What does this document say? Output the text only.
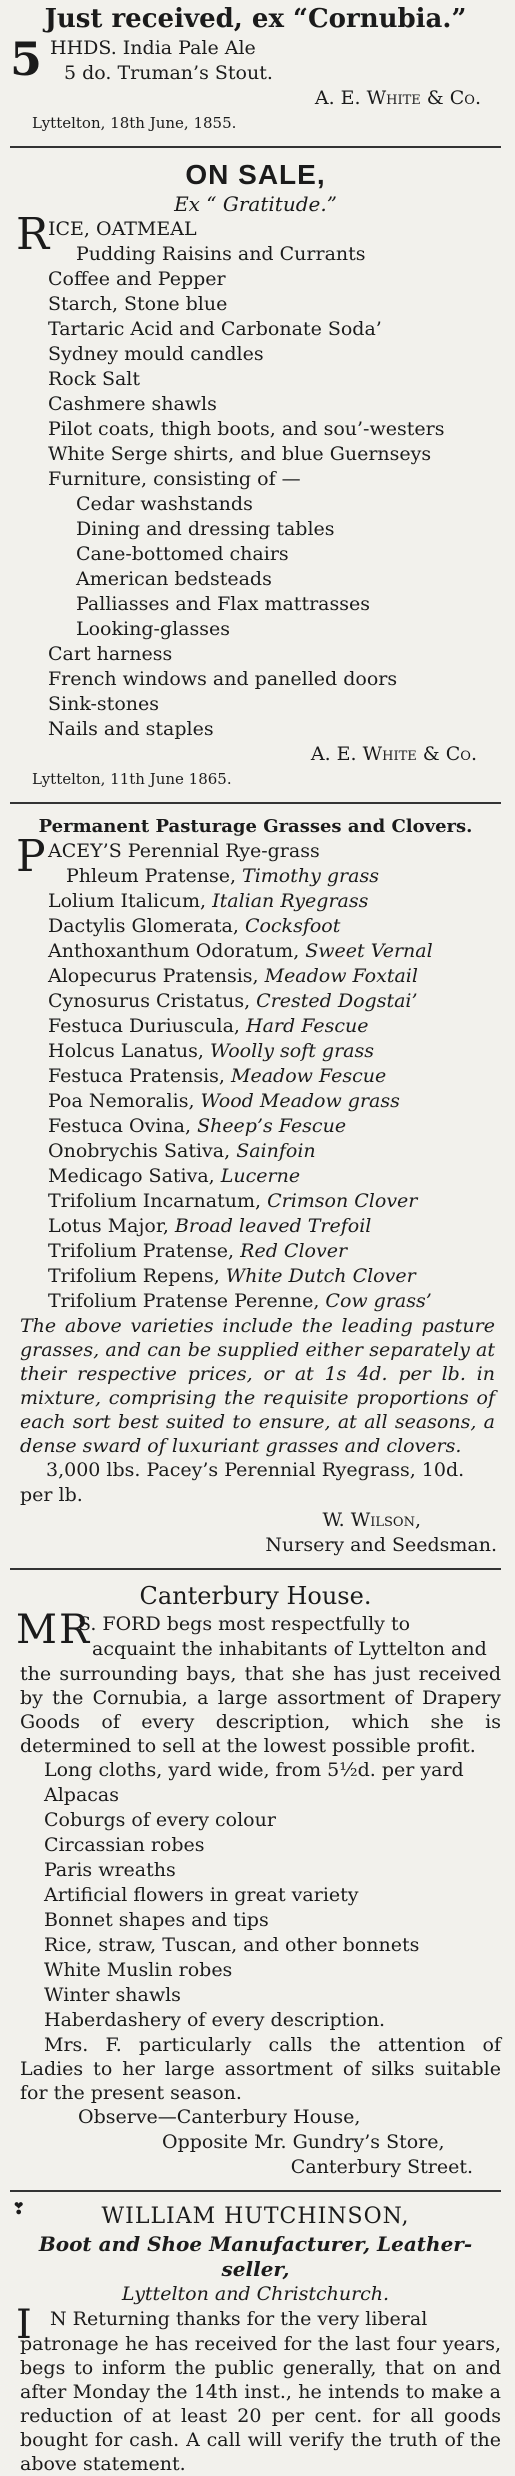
Just received, ex “Cornubia.”
5 HHDS. India Pale Ale
5 do. Truman’s Stout.
A. E. White & Co.
Lyttelton, 18th June, 1855.
ON SALE,
Ex “ Gratitude.”
R
ICE, OATMEAL
Pudding Raisins and Currants
Coffee and Pepper
Starch, Stone blue
Tartaric Acid and Carbonate Soda’
Sydney mould candles
Rock Salt
Cashmere shawls
Pilot coats, thigh boots, and sou’-westers
White Serge shirts, and blue Guernseys
Furniture, consisting of —
Cedar washstands
Dining and dressing tables
Cane-bottomed chairs
American bedsteads
Palliasses and Flax mattrasses
Looking-glasses
Cart harness
French windows and panelled doors
Sink-stones
Nails and staples
A. E. White & Co.
Lyttelton, 11th June 1865.
Permanent Pasturage Grasses and Clovers.
P ACEY’S Perennial Rye-grass
Phleum Pratense, Timothy grass
Lolium Italicum, Italian Ryegrass
Dactylis Glomerata, Cocksfoot
Anthoxanthum Odoratum, Sweet Vernal
Alopecurus Pratensis, Meadow Foxtail
Cynosurus Cristatus, Crested Dogstai’
Festuca Duriuscula, Hard Fescue
Holcus Lanatus, Woolly soft grass
Festuca Pratensis, Meadow Fescue
Poa Nemoralis, Wood Meadow grass
Festuca Ovina, Sheep’s Fescue
Onobrychis Sativa, Sainfoin
Medicago Sativa, Lucerne
Trifolium Incarnatum, Crimson Clover
Lotus Major, Broad leaved Trefoil
Trifolium Pratense, Red Clover
Trifolium Repens, White Dutch Clover
Trifolium Pratense Perenne, Cow grass’
The above varieties include the leading pasture grasses, and can be supplied either separately at their respective prices, or at 1s 4d. per lb. in mixture, comprising the requisite proportions of each sort best suited to ensure, at all seasons, a dense sward of luxuriant grasses and clovers.
3,000 lbs. Pacey’s Perennial Ryegrass, 10d. per lb.
W. Wilson,
Nursery and Seedsman.
Canterbury House.
MR
S. FORD begs most respectfully to
acquaint the inhabitants of Lyttelton and
the surrounding bays, that she has just received by the Cornubia, a large assortment of Drapery Goods of every description, which she is determined to sell at the lowest possible profit.
Long cloths, yard wide, from 5½d. per yard
Alpacas
Coburgs of every colour
Circassian robes
Paris wreaths
Artificial flowers in great variety
Bonnet shapes and tips
Rice, straw, Tuscan, and other bonnets
White Muslin robes
Winter shawls
Haberdashery of every description.
Mrs. F. particularly calls the attention of Ladies to her large assortment of silks suitable for the present season.
Observe—Canterbury House,
Opposite Mr. Gundry’s Store,
Canterbury Street.
❣	WILLIAM HUTCHINSON,
Boot and Shoe Manufacturer, Leather-seller,
Lyttelton and Christchurch.
I N Returning thanks for the very liberal
patronage he has received for the last four years, begs to inform the public generally, that on and after Monday the 14th inst., he intends to make a reduction of at least 20 per cent. for all goods bought for cash. A call will verify the truth of the above statement.
